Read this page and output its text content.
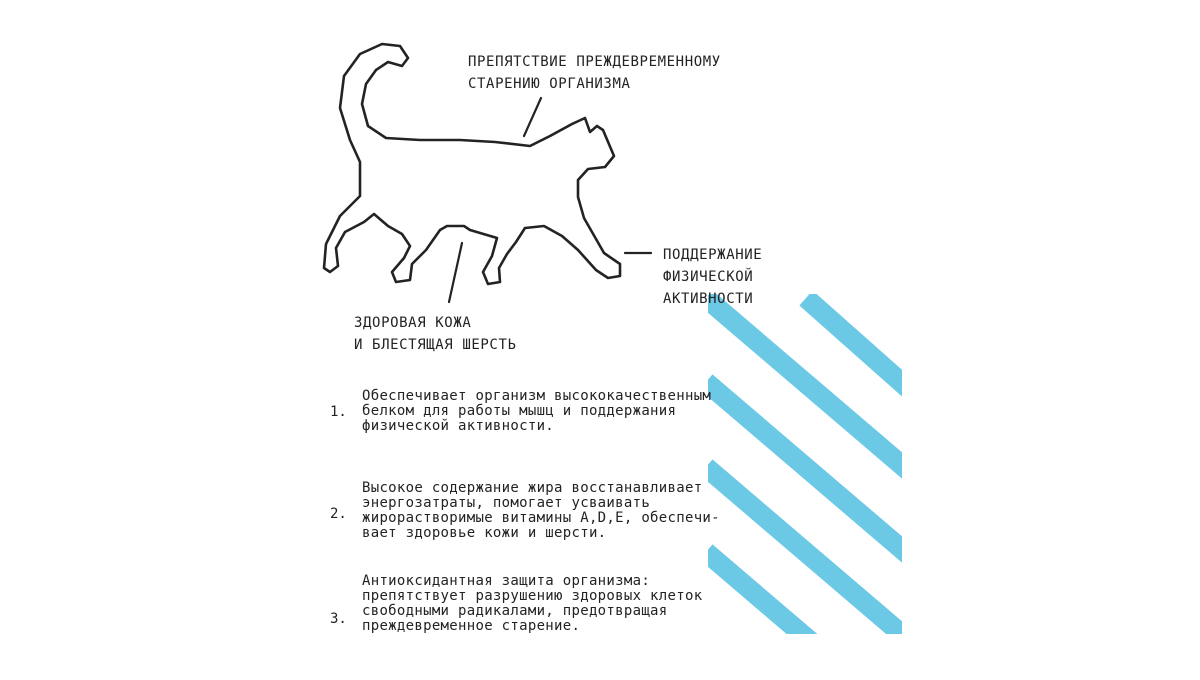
ПРЕПЯТСТВИЕ ПРЕЖДЕВРЕМЕННОМУ
СТАРЕНИЮ ОРГАНИЗМА

ПОДДЕРЖАНИЕ
ФИЗИЧЕСКОЙ
АКТИВНОСТИ

ЗДОРОВАЯ КОЖА
И БЛЕСТЯЩАЯ ШЕРСТЬ

1.

Обеспечивает организм высококачественным
белком для работы мышц и поддержания
физической активности.

2.

Высокое содержание жира восстанавливает
энергозатраты, помогает усваивать
жирорастворимые витамины A,D,E, обеспечи-
вает здоровье кожи и шерсти.

3.

Антиоксидантная защита организма:
препятствует разрушению здоровых клеток
свободными радикалами, предотвращая
преждевременное старение.
